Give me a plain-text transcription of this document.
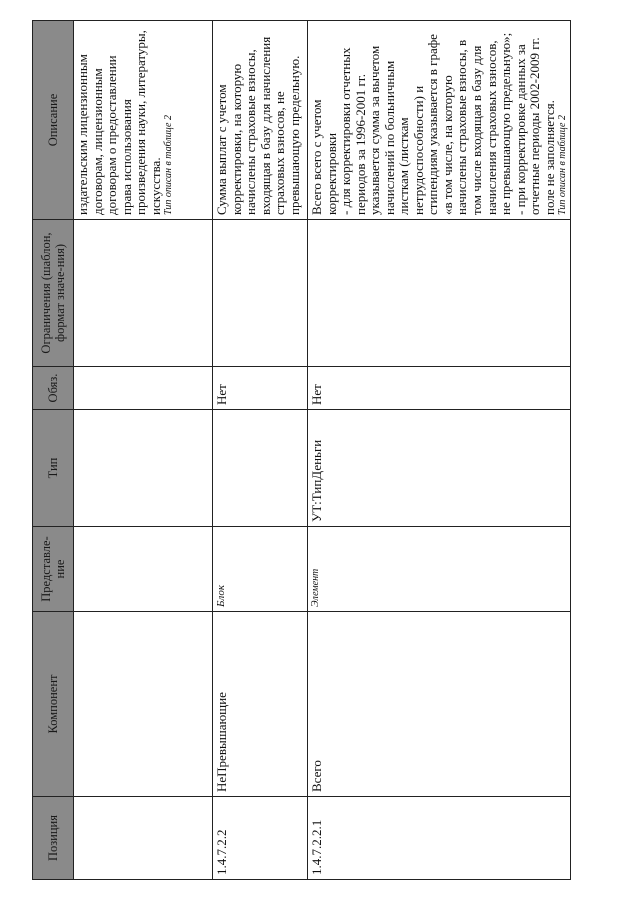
Позиция	Компонент	Представле-ние	Тип	Обяз.	Ограничения (шаблон, формат значе-ния)	Описание

						издательским лицензионным договорам, лицензионным договорам о предоставлении права использования произведения науки, литературы, искусства. Тип описан в таблице 2

1.4.7.2.2	НеПревышающие	Блок		Нет		Сумма выплат с учетом корректировки, на которую начислены страховые взносы, входящая в базу для начисления страховых взносов, не превышающую предельную.

1.4.7.2.2.1	Всего	Элемент	УТ:ТипДеньги	Нет		Всего всего с учетом корректировки
- для корректировки отчетных периодов за 1996-2001 гг. указывается сумма за вычетом начислений по больничным листкам (листкам нетрудоспособности) и стипендиям указывается в графе «в том числе, на которую начислены страховые взносы, в том числе входящая в базу для начисления страховых взносов, не превышающую предельную»;
- при корректировке данных за отчетные периоды 2002-2009 гг. поле не заполняется. Тип описан в таблице 2
